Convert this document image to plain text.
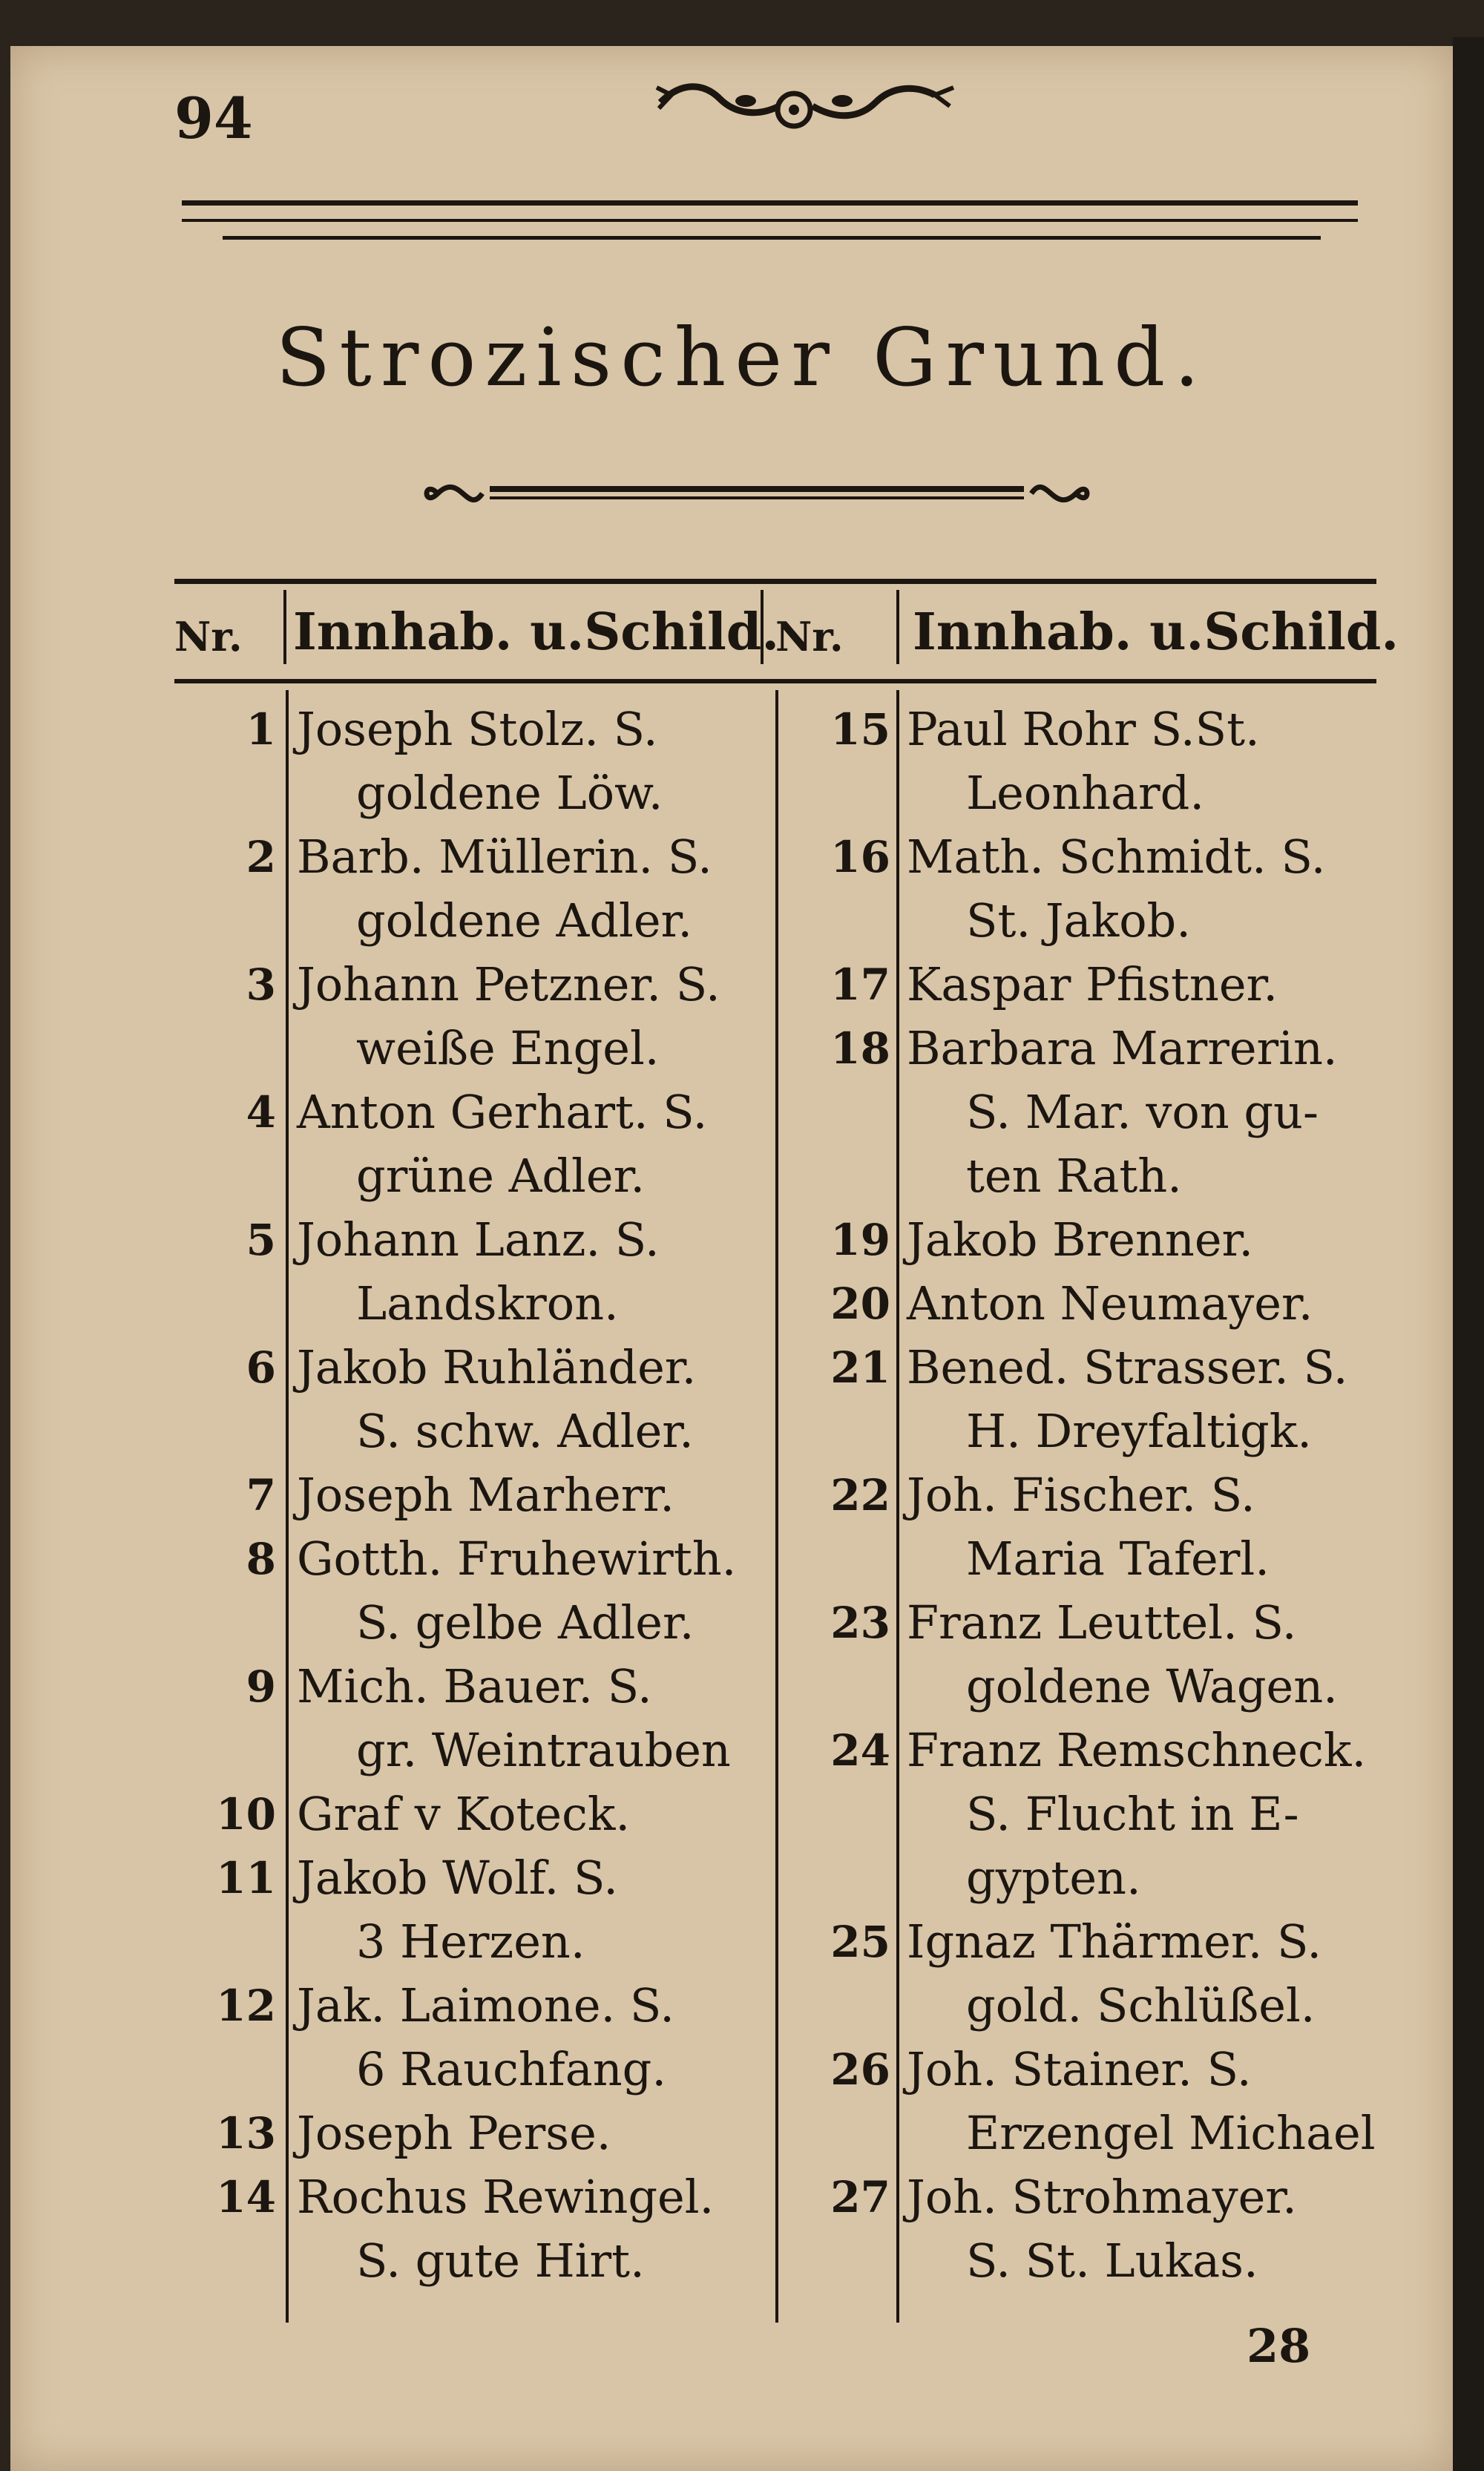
94
Strozischer Grund.
Nr. Innhab. u.Schild.
Nr. Innhab. u.Schild.
1 Joseph Stolz. S.
goldene Löw.
2 Barb. Müllerin. S.
goldene Adler.
3 Johann Petzner. S.
weiße Engel.
4 Anton Gerhart. S.
grüne Adler.
5 Johann Lanz. S.
Landskron.
6 Jakob Ruhländer.
S. schw. Adler.
7 Joseph Marherr.
8 Gotth. Fruhewirth.
S. gelbe Adler.
9 Mich. Bauer. S.
gr. Weintrauben
10 Graf v Koteck.
11 Jakob Wolf. S.
3 Herzen.
12 Jak. Laimone. S.
6 Rauchfang.
13 Joseph Perse.
14 Rochus Rewingel.
S. gute Hirt.
15 Paul Rohr S.St.
Leonhard.
16 Math. Schmidt. S.
St. Jakob.
17 Kaspar Pfistner.
18 Barbara Marrerin.
S. Mar. von gu-
ten Rath.
19 Jakob Brenner.
20 Anton Neumayer.
21 Bened. Strasser. S.
H. Dreyfaltigk.
22 Joh. Fischer. S.
Maria Taferl.
23 Franz Leuttel. S.
goldene Wagen.
24 Franz Remschneck.
S. Flucht in E-
gypten.
25 Ignaz Thärmer. S.
gold. Schlüßel.
26 Joh. Stainer. S.
Erzengel Michael
27 Joh. Strohmayer.
S. St. Lukas.
28
